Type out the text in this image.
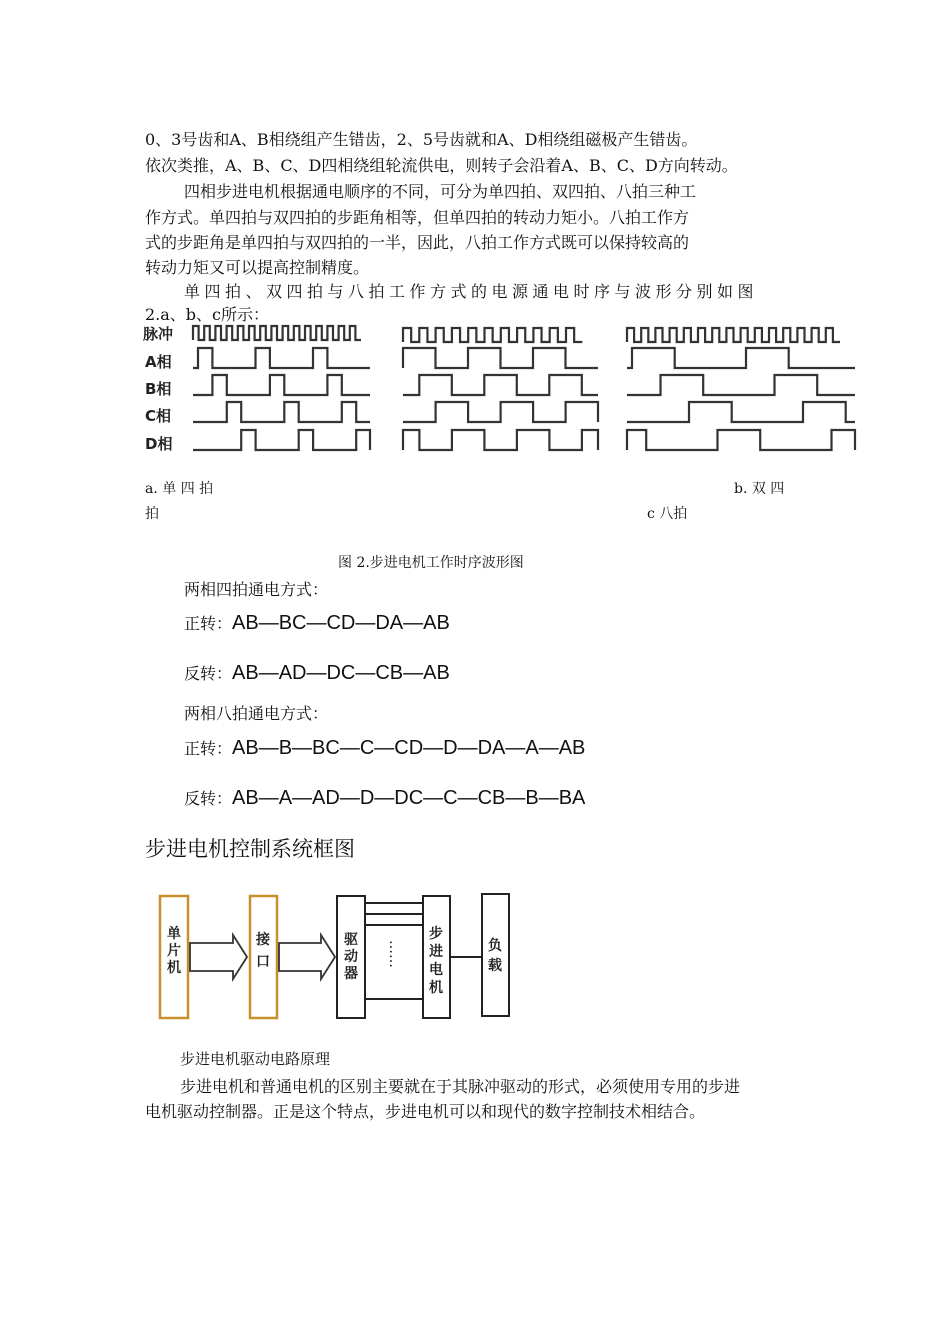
0、3号齿和A、B相绕组产生错齿，2、5号齿就和A、D相绕组磁极产生错齿。
依次类推，A、B、C、D四相绕组轮流供电，则转子会沿着A、B、C、D方向转动。
四相步进电机根据通电顺序的不同，可分为单四拍、双四拍、八拍三种工
作方式。单四拍与双四拍的步距角相等，但单四拍的转动力矩小。八拍工作方
式的步距角是单四拍与双四拍的一半，因此，八拍工作方式既可以保持较高的
转动力矩又可以提高控制精度。
单四拍、双四拍与八拍工作方式的电源通电时序与波形分别如图
2.a、b、c所示：
脉冲
A相
B相
C相
D相
a. 单 四 拍
拍
b. 双 四
c 八拍
图 2.步进电机工作时序波形图
两相四拍通电方式：
正转：AB—BC—CD—DA—AB
反转：AB—AD—DC—CB—AB
两相八拍通电方式：
正转：AB—B—BC—C—CD—D—DA—A—AB
反转：AB—A—AD—D—DC—C—CB—B—BA
步进电机控制系统框图
……
单
片
机
接
口
驱
动
器
步
进
电
机
负
载
步进电机驱动电路原理
步进电机和普通电机的区别主要就在于其脉冲驱动的形式，必须使用专用的步进
电机驱动控制器。正是这个特点，步进电机可以和现代的数字控制技术相结合。
